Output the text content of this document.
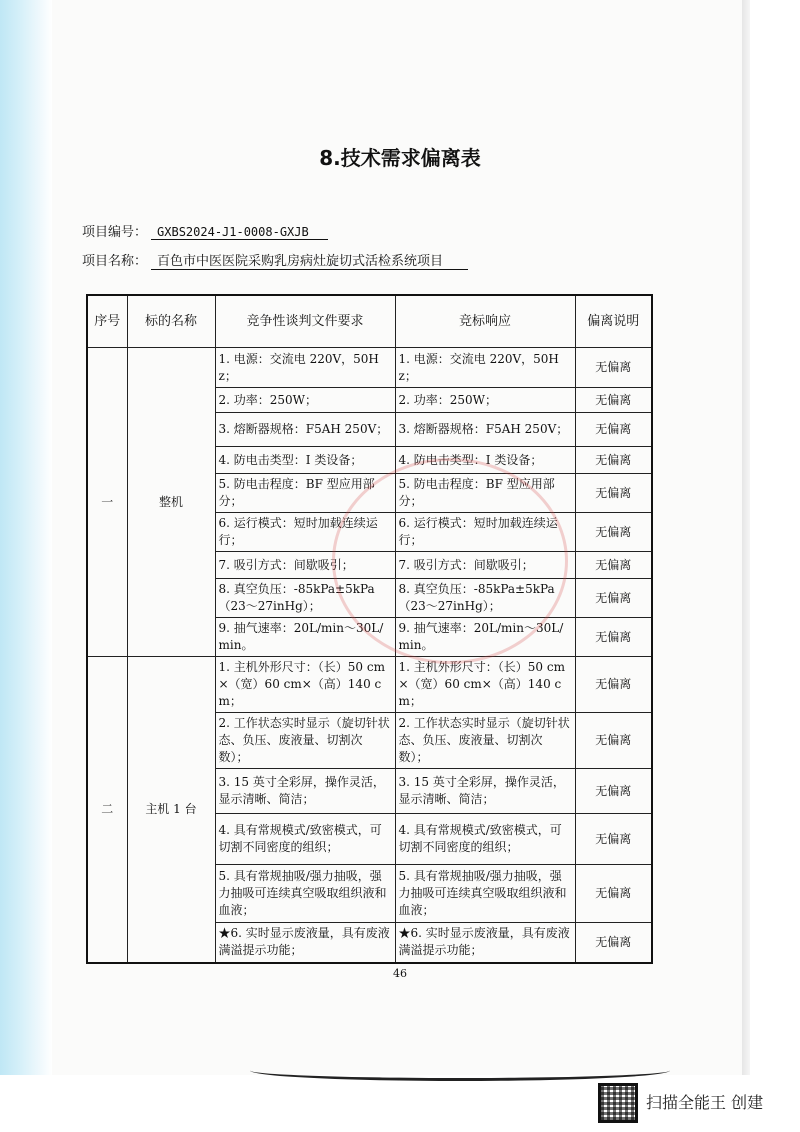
8.技术需求偏离表
项目编号： GXBS2024-J1-0008-GXJB
项目名称： 百色市中医医院采购乳房病灶旋切式活检系统项目
序号	标的名称	竞争性谈判文件要求	竞标响应	偏离说明
一	整机	1. 电源：交流电 220V，50Hz；	1. 电源：交流电 220V，50Hz；	无偏离
		2. 功率：250W；	2. 功率：250W；	无偏离
		3. 熔断器规格：F5AH 250V；	3. 熔断器规格：F5AH 250V；	无偏离
		4. 防电击类型：I 类设备；	4. 防电击类型：I 类设备；	无偏离
		5. 防电击程度：BF 型应用部分；	5. 防电击程度：BF 型应用部分；	无偏离
		6. 运行模式：短时加载连续运行；	6. 运行模式：短时加载连续运行；	无偏离
		7. 吸引方式：间歇吸引；	7. 吸引方式：间歇吸引；	无偏离
		8. 真空负压：-85kPa±5kPa（23～27inHg）；	8. 真空负压：-85kPa±5kPa（23～27inHg）；	无偏离
		9. 抽气速率：20L/min～30L/min。	9. 抽气速率：20L/min～30L/min。	无偏离
二	主机 1 台	1. 主机外形尺寸：（长）50 cm ×（宽）60 cm×（高）140 cm；	1. 主机外形尺寸：（长）50 cm ×（宽）60 cm×（高）140 cm；	无偏离
		2. 工作状态实时显示（旋切针状态、负压、废液量、切割次数）；	2. 工作状态实时显示（旋切针状态、负压、废液量、切割次数）；	无偏离
		3. 15 英寸全彩屏，操作灵活，显示清晰、简洁；	3. 15 英寸全彩屏，操作灵活，显示清晰、简洁；	无偏离
		4. 具有常规模式/致密模式，可切割不同密度的组织；	4. 具有常规模式/致密模式，可切割不同密度的组织；	无偏离
		5. 具有常规抽吸/强力抽吸，强力抽吸可连续真空吸取组织液和血液；	5. 具有常规抽吸/强力抽吸，强力抽吸可连续真空吸取组织液和血液；	无偏离
		★6. 实时显示废液量，具有废液满溢提示功能；	★6. 实时显示废液量，具有废液满溢提示功能；	无偏离
46
扫描全能王 创建
